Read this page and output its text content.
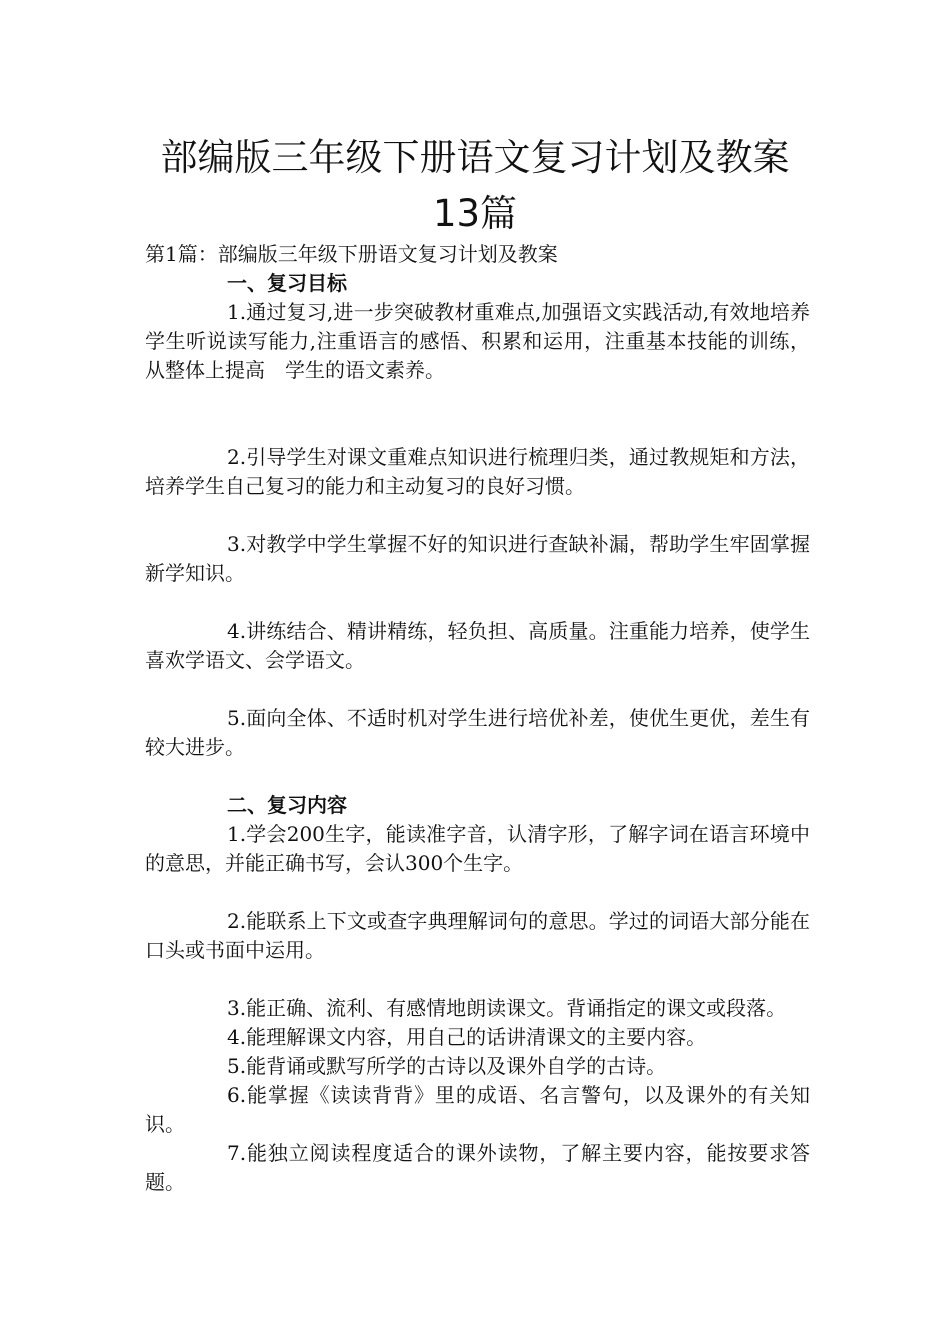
部编版三年级下册语文复习计划及教案13篇

第1篇：部编版三年级下册语文复习计划及教案

一、复习目标

1.通过复习,进一步突破教材重难点,加强语文实践活动,有效地培养学生听说读写能力,注重语言的感悟、积累和运用，注重基本技能的训练，从整体上提高　学生的语文素养。

2.引导学生对课文重难点知识进行梳理归类，通过教规矩和方法，培养学生自己复习的能力和主动复习的良好习惯。

3.对教学中学生掌握不好的知识进行查缺补漏，帮助学生牢固掌握新学知识。

4.讲练结合、精讲精练，轻负担、高质量。注重能力培养，使学生喜欢学语文、会学语文。

5.面向全体、不适时机对学生进行培优补差，使优生更优，差生有较大进步。

二、复习内容

1.学会200生字，能读准字音，认清字形，了解字词在语言环境中的意思，并能正确书写，会认300个生字。

2.能联系上下文或查字典理解词句的意思。学过的词语大部分能在口头或书面中运用。

3.能正确、流利、有感情地朗读课文。背诵指定的课文或段落。

4.能理解课文内容，用自己的话讲清课文的主要内容。

5.能背诵或默写所学的古诗以及课外自学的古诗。

6.能掌握《读读背背》里的成语、名言警句，以及课外的有关知识。

7.能独立阅读程度适合的课外读物，了解主要内容，能按要求答题。
